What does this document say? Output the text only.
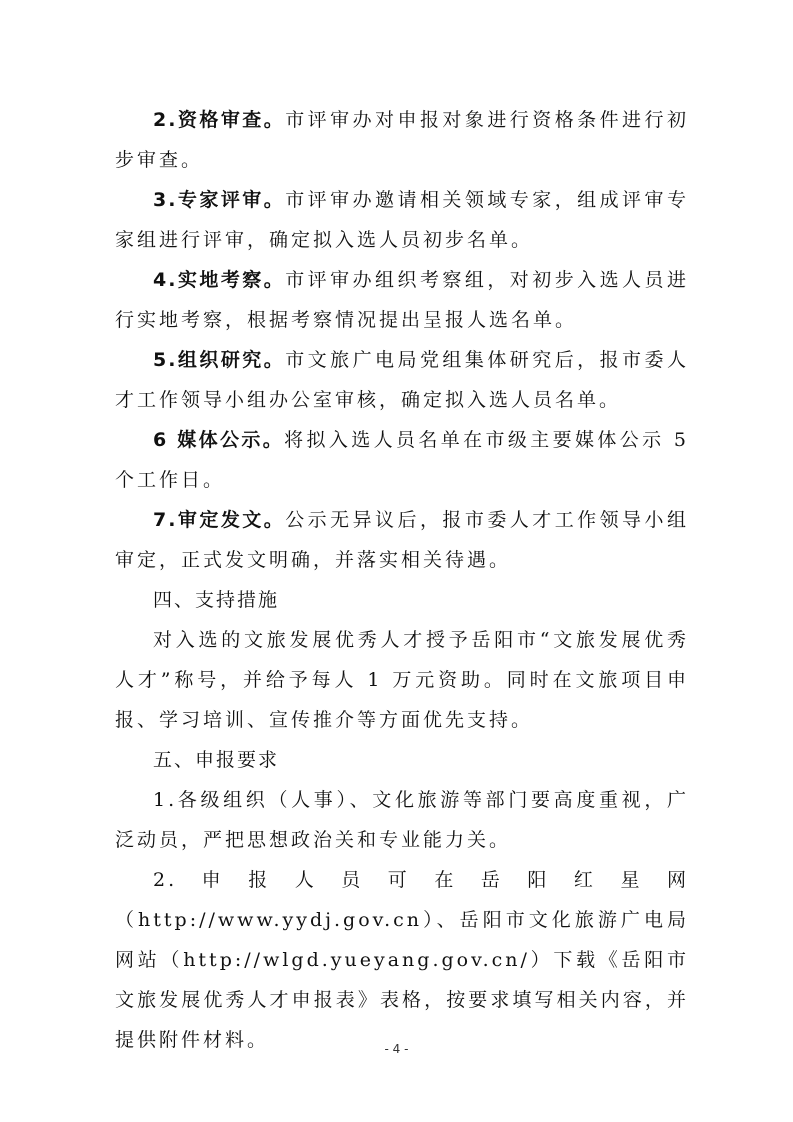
2.资格审查。市评审办对申报对象进行资格条件进行初步审查。

3.专家评审。市评审办邀请相关领域专家，组成评审专家组进行评审，确定拟入选人员初步名单。

4.实地考察。市评审办组织考察组，对初步入选人员进行实地考察，根据考察情况提出呈报人选名单。

5.组织研究。市文旅广电局党组集体研究后，报市委人才工作领导小组办公室审核，确定拟入选人员名单。

6 媒体公示。将拟入选人员名单在市级主要媒体公示 5 个工作日。

7.审定发文。公示无异议后，报市委人才工作领导小组审定，正式发文明确，并落实相关待遇。

四、支持措施

对入选的文旅发展优秀人才授予岳阳市“文旅发展优秀人才”称号，并给予每人 1 万元资助。同时在文旅项目申报、学习培训、宣传推介等方面优先支持。

五、申报要求

1.各级组织（人事）、文化旅游等部门要高度重视，广泛动员，严把思想政治关和专业能力关。

2.申报人员可在岳阳红星网（http://www.yydj.gov.cn）、岳阳市文化旅游广电局网站（http://wlgd.yueyang.gov.cn/）下载《岳阳市文旅发展优秀人才申报表》表格，按要求填写相关内容，并提供附件材料。	- 4 -
